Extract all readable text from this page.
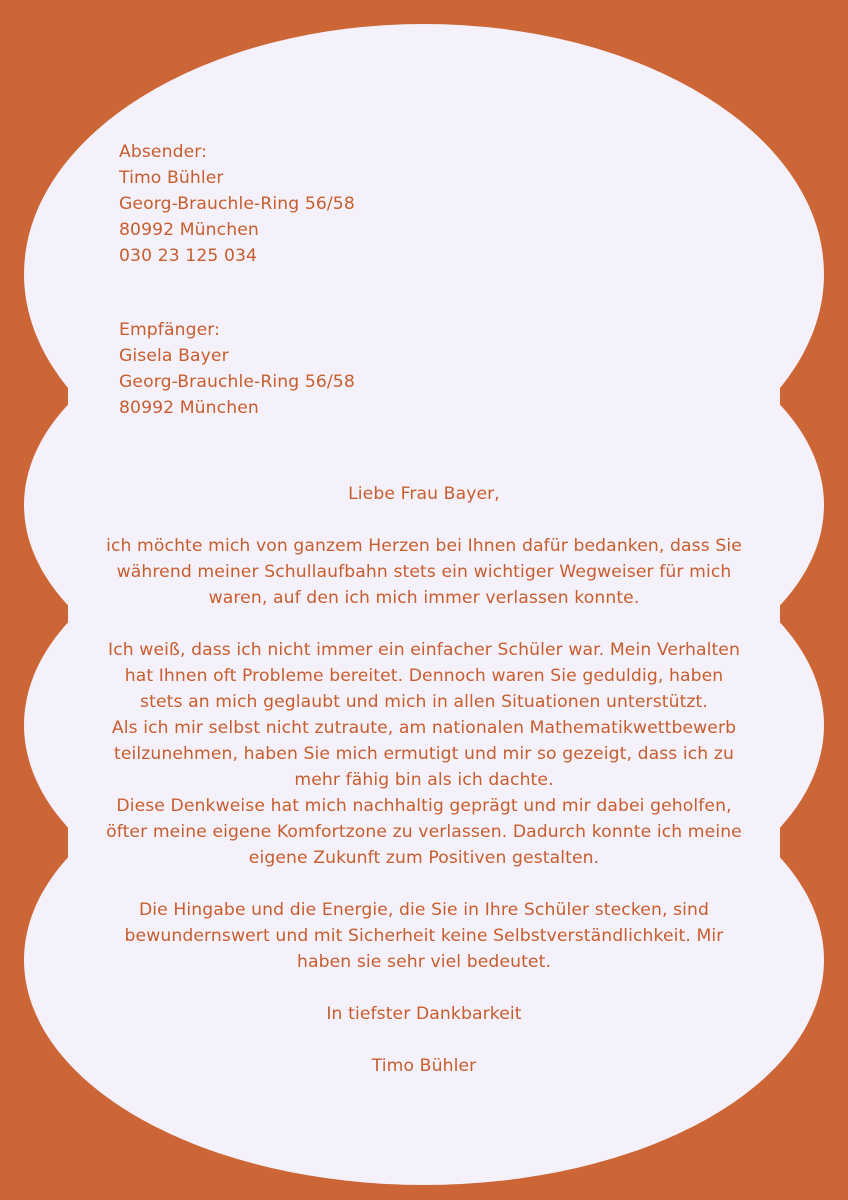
Absender:
Timo Bühler
Georg-Brauchle-Ring 56/58
80992 München
030 23 125 034
Empfänger:
Gisela Bayer
Georg-Brauchle-Ring 56/58
80992 München

Liebe Frau Bayer,

ich möchte mich von ganzem Herzen bei Ihnen dafür bedanken, dass Sie
während meiner Schullaufbahn stets ein wichtiger Wegweiser für mich
waren, auf den ich mich immer verlassen konnte.
Ich weiß, dass ich nicht immer ein einfacher Schüler war. Mein Verhalten
hat Ihnen oft Probleme bereitet. Dennoch waren Sie geduldig, haben
stets an mich geglaubt und mich in allen Situationen unterstützt.
Als ich mir selbst nicht zutraute, am nationalen Mathematikwettbewerb
teilzunehmen, haben Sie mich ermutigt und mir so gezeigt, dass ich zu
mehr fähig bin als ich dachte.
Diese Denkweise hat mich nachhaltig geprägt und mir dabei geholfen,
öfter meine eigene Komfortzone zu verlassen. Dadurch konnte ich meine
eigene Zukunft zum Positiven gestalten.
Die Hingabe und die Energie, die Sie in Ihre Schüler stecken, sind
bewundernswert und mit Sicherheit keine Selbstverständlichkeit. Mir
haben sie sehr viel bedeutet.

In tiefster Dankbarkeit

Timo Bühler
